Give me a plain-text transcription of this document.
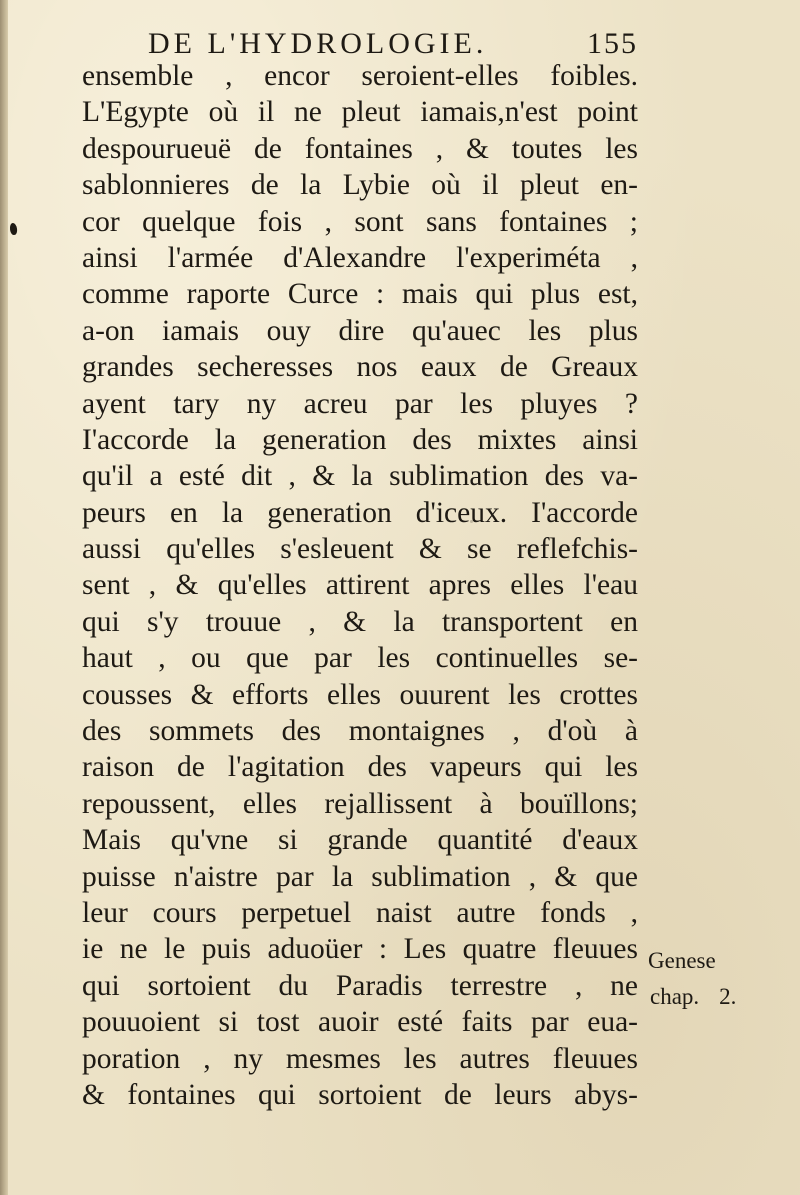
DE L'HYDROLOGIE.	155
ensemble , encor seroient-elles foibles.
L'Egypte où il ne pleut iamais,n'est point
despourueuë de fontaines , & toutes les
sablonnieres de la Lybie où il pleut en-
cor quelque fois , sont sans fontaines ;
ainsi l'armée d'Alexandre l'experiméta ,
comme raporte Curce : mais qui plus est,
a-on iamais ouy dire qu'auec les plus
grandes secheresses nos eaux de Greaux
ayent tary ny acreu par les pluyes ?
I'accorde la generation des mixtes ainsi
qu'il a esté dit , & la sublimation des va-
peurs en la generation d'iceux. I'accorde
aussi qu'elles s'esleuent & se reflefchis-
sent , & qu'elles attirent apres elles l'eau
qui s'y trouue , & la transportent en
haut , ou que par les continuelles se-
cousses & efforts elles ouurent les crottes
des sommets des montaignes , d'où à
raison de l'agitation des vapeurs qui les
repoussent, elles rejallissent à bouïllons;
Mais qu'vne si grande quantité d'eaux
puisse n'aistre par la sublimation , & que
leur cours perpetuel naist autre fonds ,
ie ne le puis aduoüer : Les quatre fleuues
qui sortoient du Paradis terrestre , ne
pouuoient si tost auoir esté faits par eua-
poration , ny mesmes les autres fleuues
& fontaines qui sortoient de leurs abys-
Genese
chap. 2.
